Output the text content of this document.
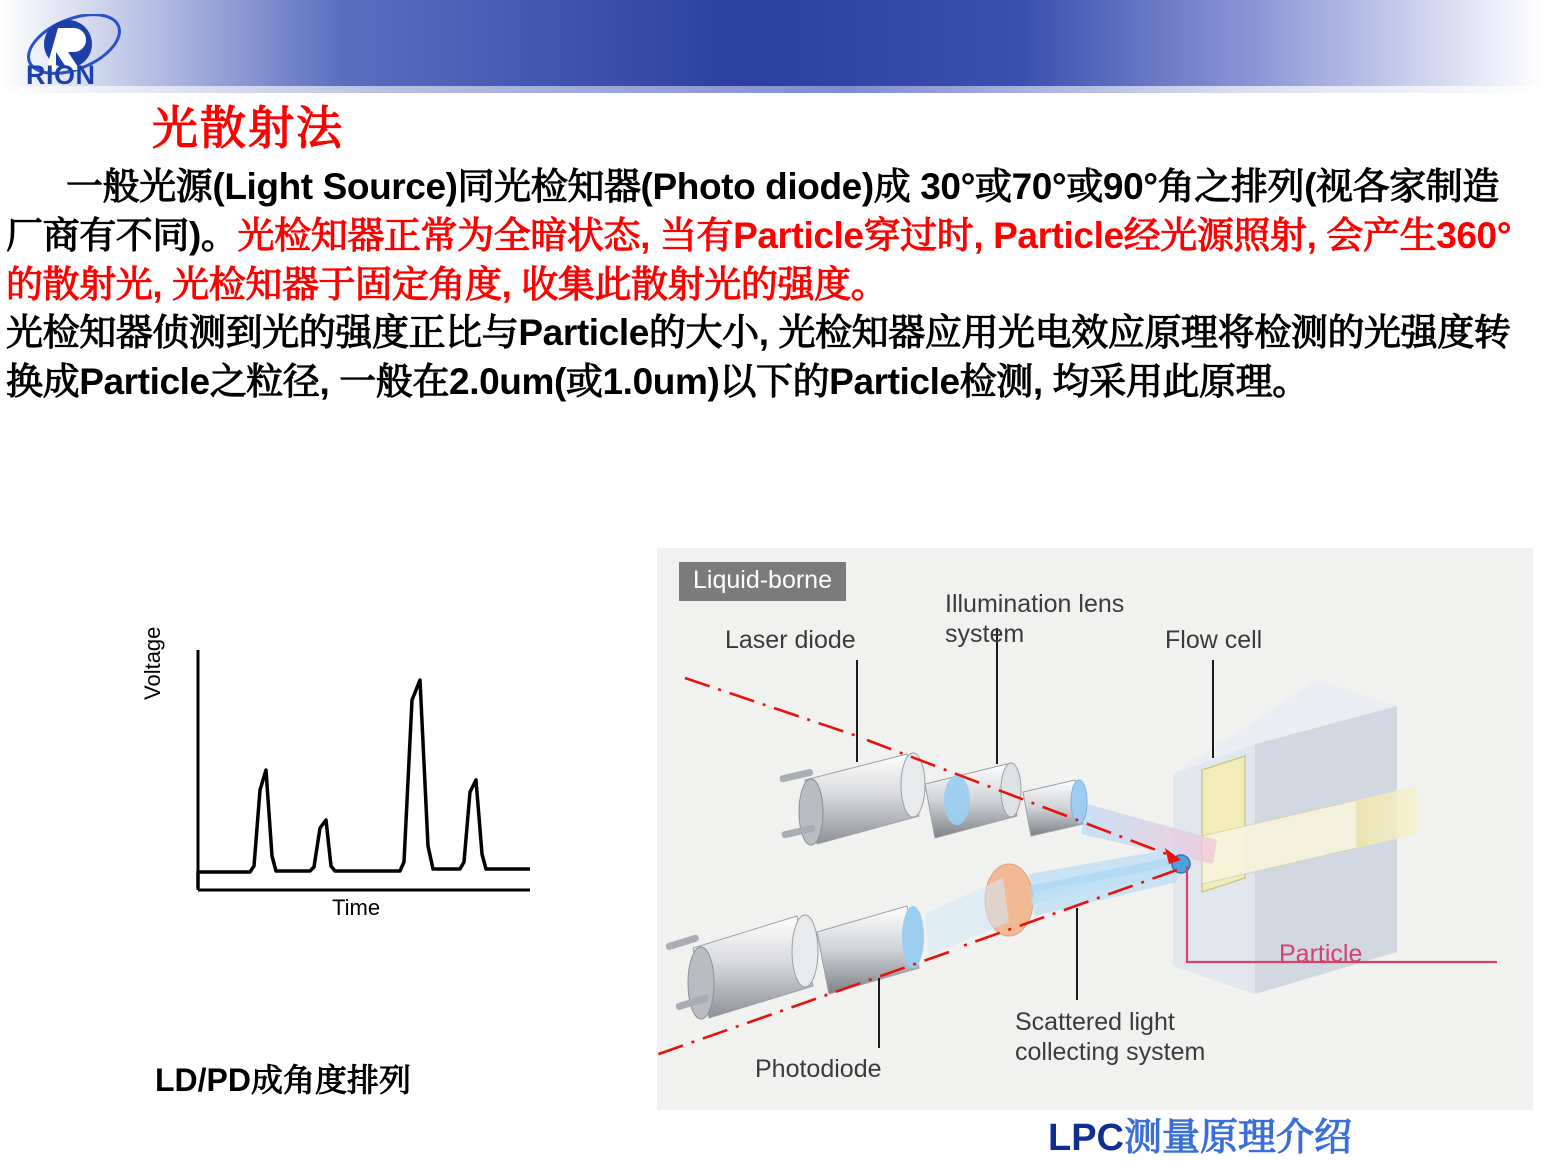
RION
光散射法

一般光源(Light Source)同光检知器(Photo diode)成 30°或70°或90°角之排列(视各家制造厂商有不同)。光检知器正常为全暗状态, 当有Particle穿过时, Particle经光源照射, 会产生360°的散射光, 光检知器于固定角度, 收集此散射光的强度。

光检知器侦测到光的强度正比与Particle的大小, 光检知器应用光电效应原理将检测的光强度转换成Particle之粒径, 一般在2.0um(或1.0um)以下的Particle检测, 均采用此原理。

Voltage
Time
LD/PD成角度排列
Liquid-borne
Laser diode
Illumination lens
system	Flow cell
Particle
Scattered light
collecting system
Photodiode
LPC测量原理介绍
